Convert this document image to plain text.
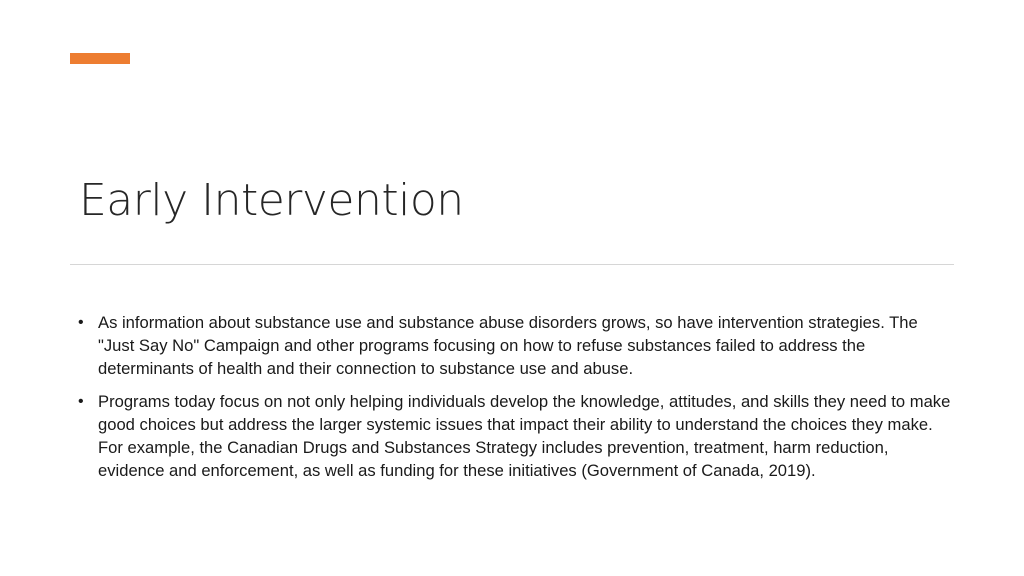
Early Intervention
• As information about substance use and substance abuse disorders grows, so have intervention strategies. The "Just Say No" Campaign and other programs focusing on how to refuse substances failed to address the determinants of health and their connection to substance use and abuse.
• Programs today focus on not only helping individuals develop the knowledge, attitudes, and skills they need to make good choices but address the larger systemic issues that impact their ability to understand the choices they make. For example, the Canadian Drugs and Substances Strategy includes prevention, treatment, harm reduction, evidence and enforcement, as well as funding for these initiatives (Government of Canada, 2019).
